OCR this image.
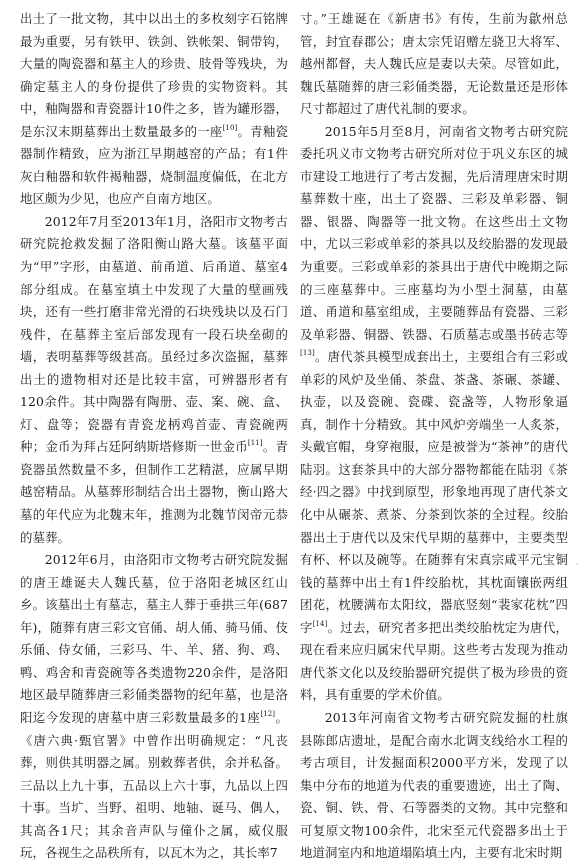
出土了一批文物，其中以出土的多枚刻字石铭牌最为重要，另有铁甲、铁剑、铁帐架、铜带钩，大量的陶瓷器和墓主人的珍贵、肢骨等残块，为确定墓主人的身份提供了珍贵的实物资料。其中，釉陶器和青瓷器计10件之多，皆为罐形器，是东汉末期墓葬出土数量最多的一座[10]。青釉瓷器制作精致，应为浙江早期越窑的产品；有1件灰白釉器和软件褐釉器，烧制温度偏低，在北方地区颇为少见，也应产自南方地区。

2012年7月至2013年1月，洛阳市文物考古研究院抢救发掘了洛阳衡山路大墓。该墓平面为“甲”字形，由墓道、前甬道、后甬道、墓室4部分组成。在墓室填土中发现了大量的壁画残块，还有一些打磨非常光滑的石块残块以及石门残件，在墓葬主室后部发现有一段石块垒砌的墙，表明墓葬等级甚高。虽经过多次盗掘，墓葬出土的遗物相对还是比较丰富，可辨器形者有120余件。其中陶器有陶册、壶、案、碗、盒、灯、盘等；瓷器有青瓷龙柄鸡首壶、青瓷碗两种；金币为拜占廷阿纳斯塔修斯一世金币[11]。青瓷器虽然数量不多，但制作工艺精湛，应属早期越窑精品。从墓葬形制结合出土器物，衡山路大墓的年代应为北魏末年，推测为北魏节闵帝元恭的墓葬。

2012年6月，由洛阳市文物考古研究院发掘的唐王雄诞夫人魏氏墓，位于洛阳老城区红山乡。该墓出土有墓志，墓主人葬于垂拱三年(687年)，随葬有唐三彩文官俑、胡人俑、骑马俑、伎乐俑、侍女俑，三彩马、牛、羊、猪、狗、鸡、鸭、鸡舍和青瓷碗等各类遗物220余件，是洛阳地区最早随葬唐三彩俑类器物的纪年墓，也是洛阳迄今发现的唐墓中唐三彩数量最多的1座[12]。《唐六典·甄官署》中曾作出明确规定：“凡丧葬，则供其明器之属。别敕葬者供，余并私备。三品以上九十事，五品以上六十事，九品以上四十事。当圹、当野、祖明、地轴、诞马、偶人，其高各1尺；其余音声队与僮仆之属，威仪服玩，各视生之品秩所有，以瓦木为之，其长率7

寸。”王雄诞在《新唐书》有传，生前为歙州总管，封宜春郡公；唐太宗凭诏赠左骁卫大将军、越州都督，夫人魏氏应是妻以夫荣。尽管如此，魏氏墓随葬的唐三彩俑类器，无论数量还是形体尺寸都超过了唐代礼制的要求。

2015年5月至8月，河南省文物考古研究院委托巩义市文物考古研究所对位于巩义东区的城市建设工地进行了考古发掘，先后清理唐宋时期墓葬数十座，出土了瓷器、三彩及单彩器、铜器、银器、陶器等一批文物。在这些出土文物中，尤以三彩或单彩的茶具以及绞胎器的发现最为重要。三彩或单彩的茶具出于唐代中晚期之际的三座墓葬中。三座墓均为小型土洞墓，由墓道、甬道和墓室组成，主要随葬品有瓷器、三彩及单彩器、铜器、铁器、石质墓志或墨书砖志等[13]。唐代茶具模型成套出土，主要组合有三彩或单彩的风炉及坐俑、茶盘、茶盏、茶碾、茶罐、执壶，以及瓷碗、瓷碟、瓷盏等，人物形象逼真，制作十分精致。其中风炉旁端坐一人炙茶，头戴官帽，身穿袍服，应是被誉为“茶神”的唐代陆羽。这套茶具中的大部分器物都能在陆羽《茶经·四之器》中找到原型，形象地再现了唐代茶文化中从碾茶、煮茶、分茶到饮茶的全过程。绞胎器出土于唐代以及宋代早期的墓葬中，主要类型有杯、杯以及碗等。在随葬有宋真宗咸平元宝铜钱的墓葬中出土有1件绞胎枕，其枕面镶嵌两组团花，枕腰满布太阳纹，器底竖刻“裴家花枕”四字[14]。过去，研究者多把出类绞胎枕定为唐代，现在看来应归属宋代早期。这些考古发现为推动唐代茶文化以及绞胎器研究提供了极为珍贵的资料，具有重要的学术价值。

2013年河南省文物考古研究院发掘的杜旗县陈郎店遗址，是配合南水北调支线给水工程的考古项目，计发掘面积2000平方米，发现了以集中分布的地道为代表的重要遗迹，出土了陶、瓷、铜、铁、骨、石等器类的文物。其中完整和可复原文物100余件，北宋至元代瓷器多出土于地道洞室内和地道塌陷填土内，主要有北宋时期

·
